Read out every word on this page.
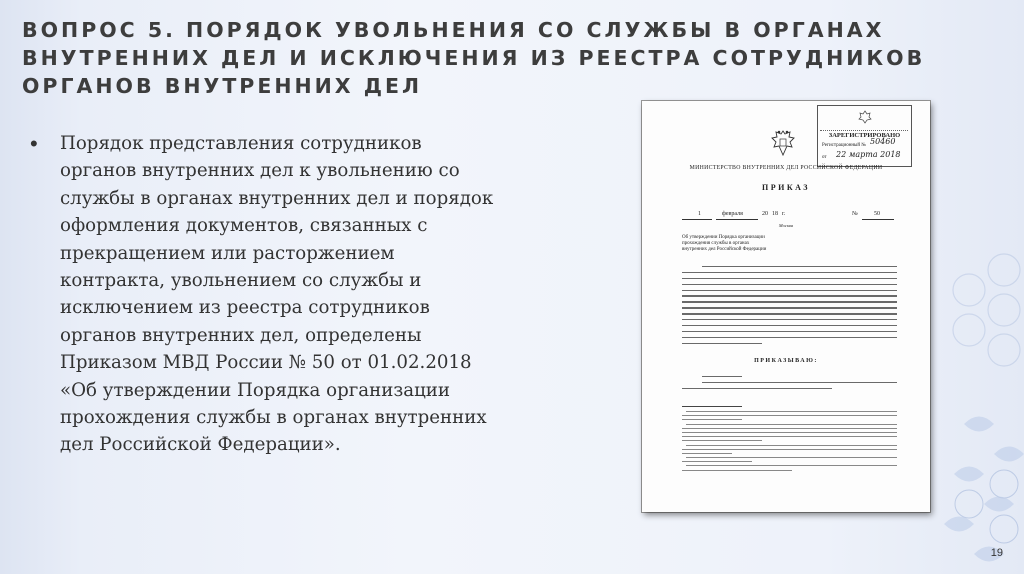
ВОПРОС 5. ПОРЯДОК УВОЛЬНЕНИЯ СО СЛУЖБЫ В ОРГАНАХ ВНУТРЕННИХ ДЕЛ И ИСКЛЮЧЕНИЯ ИЗ РЕЕСТРА СОТРУДНИКОВ ОРГАНОВ ВНУТРЕННИХ ДЕЛ
• Порядок представления сотрудников органов внутренних дел к увольнению со службы в органах внутренних дел и порядок оформления документов, связанных с прекращением или расторжением контракта, увольнением со службы и исключением из реестра сотрудников органов внутренних дел, определены Приказом МВД России № 50 от 01.02.2018 «Об утверждении Порядка организации прохождения службы в органах внутренних дел Российской Федерации».
ЗАРЕГИСТРИРОВАНО
Регистрационный № 50460
от 22 марта 2018
МИНИСТЕРСТВО ВНУТРЕННИХ ДЕЛ РОССИЙСКОЙ ФЕДЕРАЦИИ
ПРИКАЗ
1	февраля	20 18 г.	№	50
Москва
Об утверждении Порядка организации прохождения службы в органах внутренних дел Российской Федерации
ПРИКАЗЫВАЮ:
19
